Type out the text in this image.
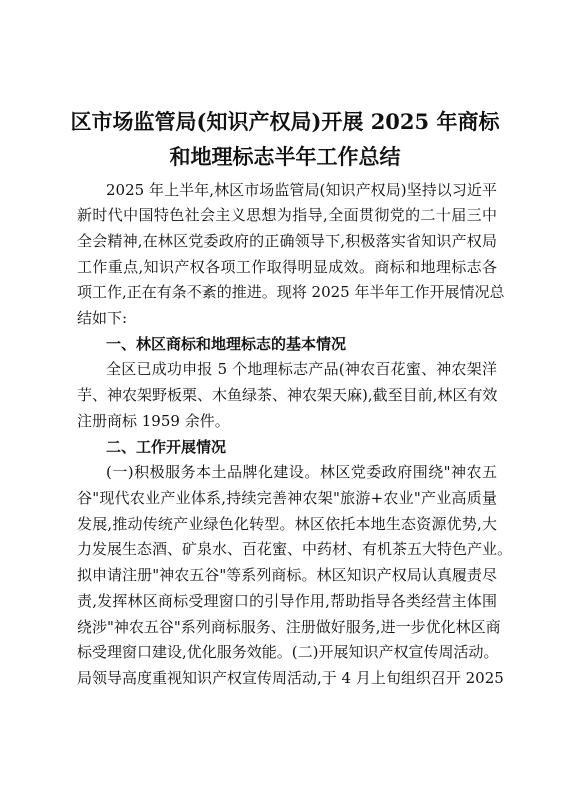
区市场监管局(知识产权局)开展 2025 年商标
和地理标志半年工作总结
2025 年上半年,林区市场监管局(知识产权局)坚持以习近平
新时代中国特色社会主义思想为指导,全面贯彻党的二十届三中
全会精神,在林区党委政府的正确领导下,积极落实省知识产权局
工作重点,知识产权各项工作取得明显成效。商标和地理标志各
项工作,正在有条不紊的推进。现将 2025 年半年工作开展情况总
结如下:
一、林区商标和地理标志的基本情况
全区已成功申报 5 个地理标志产品(神农百花蜜、神农架洋
芋、神农架野板栗、木鱼绿茶、神农架天麻),截至目前,林区有效
注册商标 1959 余件。
二、工作开展情况
(一)积极服务本土品牌化建设。林区党委政府围绕"神农五
谷"现代农业产业体系,持续完善神农架"旅游+农业"产业高质量
发展,推动传统产业绿色化转型。林区依托本地生态资源优势,大
力发展生态酒、矿泉水、百花蜜、中药材、有机茶五大特色产业。
拟申请注册"神农五谷"等系列商标。林区知识产权局认真履责尽
责,发挥林区商标受理窗口的引导作用,帮助指导各类经营主体围
绕涉"神农五谷"系列商标服务、注册做好服务,进一步优化林区商
标受理窗口建设,优化服务效能。(二)开展知识产权宣传周活动。
局领导高度重视知识产权宣传周活动,于 4 月上旬组织召开 2025
